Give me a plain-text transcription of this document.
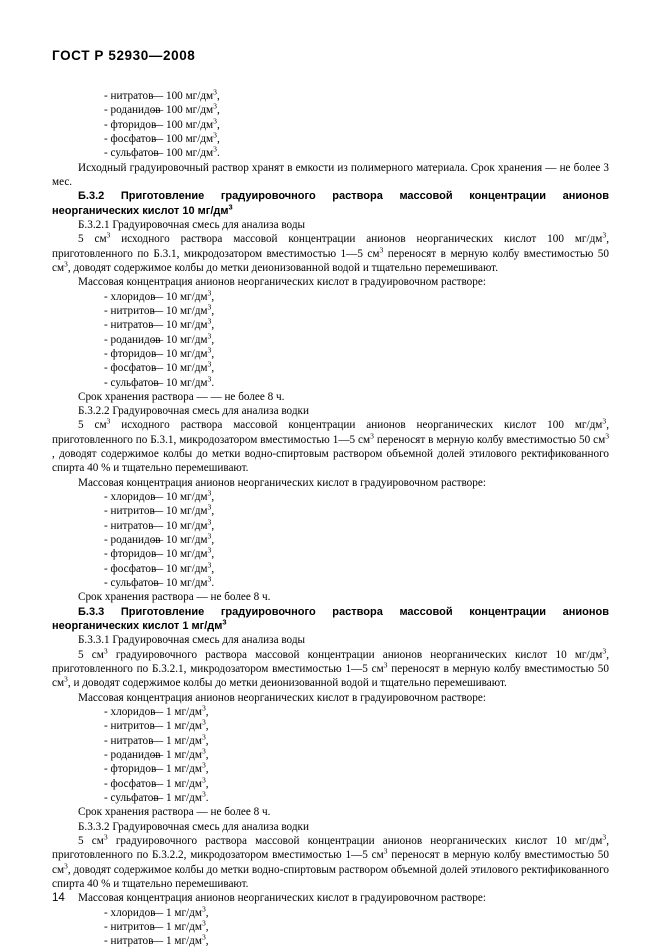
ГОСТ Р 52930—2008

- нитратов— 100 $мг/дм^3$,

- роданидов— 100 $мг/дм^3$,

- фторидов— 100 $мг/дм^3$,

- фосфатов— 100 $мг/дм^3$,

- сульфатов— 100 $мг/дм^3$.

Исходный градуировочный раствор хранят в емкости из полимерного материала. Срок хранения — не более 3 мес.

Б.3.2 Приготовление градуировочного раствора массовой концентрации анионов неорганических кислот 10 $мг/дм^3$

Б.3.2.1 Градуировочная смесь для анализа воды

5 $см^3$ исходного раствора массовой концентрации анионов неорганических кислот 100 $мг/дм^3$, приготовленного по Б.3.1, микродозатором вместимостью 1—5 $см^3$ переносят в мерную колбу вместимостью 50 $см^3$, доводят содержимое колбы до метки деионизованной водой и тщательно перемешивают.

Массовая концентрация анионов неорганических кислот в градуировочном растворе:

- хлоридов— 10 $мг/дм^3$,

- нитритов— 10 $мг/дм^3$,

- нитратов— 10 $мг/дм^3$,

- роданидов— 10 $мг/дм^3$,

- фторидов— 10 $мг/дм^3$,

- фосфатов— 10 $мг/дм^3$,

- сульфатов— 10 $мг/дм^3$.

Срок хранения раствора — — не более 8 ч.

Б.3.2.2 Градуировочная смесь для анализа водки

5 $см^3$ исходного раствора массовой концентрации анионов неорганических кислот 100 $мг/дм^3$, приготовленного по Б.3.1, микродозатором вместимостью 1—5 $см^3$ переносят в мерную колбу вместимостью 50 $см^3$ , доводят содержимое колбы до метки водно-спиртовым раствором объемной долей этилового ректификованного спирта 40 % и тщательно перемешивают.

Массовая концентрация анионов неорганических кислот в градуировочном растворе:

- хлоридов— 10 $мг/дм^3$,

- нитритов— 10 $мг/дм^3$,

- нитратов— 10 $мг/дм^3$,

- роданидов— 10 $мг/дм^3$,

- фторидов— 10 $мг/дм^3$,

- фосфатов— 10 $мг/дм^3$,

- сульфатов— 10 $мг/дм^3$.

Срок хранения раствора — не более 8 ч.

Б.3.3 Приготовление градуировочного раствора массовой концентрации анионов неорганических кислот 1 $мг/дм^3$

Б.3.3.1 Градуировочная смесь для анализа воды

5 $см^3$ градуировочного раствора массовой концентрации анионов неорганических кислот 10 $мг/дм^3$, приготовленного по Б.3.2.1, микродозатором вместимостью 1—5 $см^3$ переносят в мерную колбу вместимостью 50 $см^3$, и доводят содержимое колбы до метки деионизованной водой и тщательно перемешивают.

Массовая концентрация анионов неорганических кислот в градуировочном растворе:

- хлоридов— 1 $мг/дм^3$,

- нитритов— 1 $мг/дм^3$,

- нитратов— 1 $мг/дм^3$,

- роданидов— 1 $мг/дм^3$,

- фторидов— 1 $мг/дм^3$,

- фосфатов— 1 $мг/дм^3$,

- сульфатов— 1 $мг/дм^3$.

Срок хранения раствора — не более 8 ч.

Б.3.3.2 Градуировочная смесь для анализа водки

5 $см^3$ градуировочного раствора массовой концентрации анионов неорганических кислот 10 $мг/дм^3$, приготовленного по Б.3.2.2, микродозатором вместимостью 1—5 $см^3$ переносят в мерную колбу вместимостью 50 $см^3$, доводят содержимое колбы до метки водно-спиртовым раствором объемной долей этилового ректификованного спирта 40 % и тщательно перемешивают.

Массовая концентрация анионов неорганических кислот в градуировочном растворе:

- хлоридов— 1 $мг/дм^3$,

- нитритов— 1 $мг/дм^3$,

- нитратов— 1 $мг/дм^3$,

14
